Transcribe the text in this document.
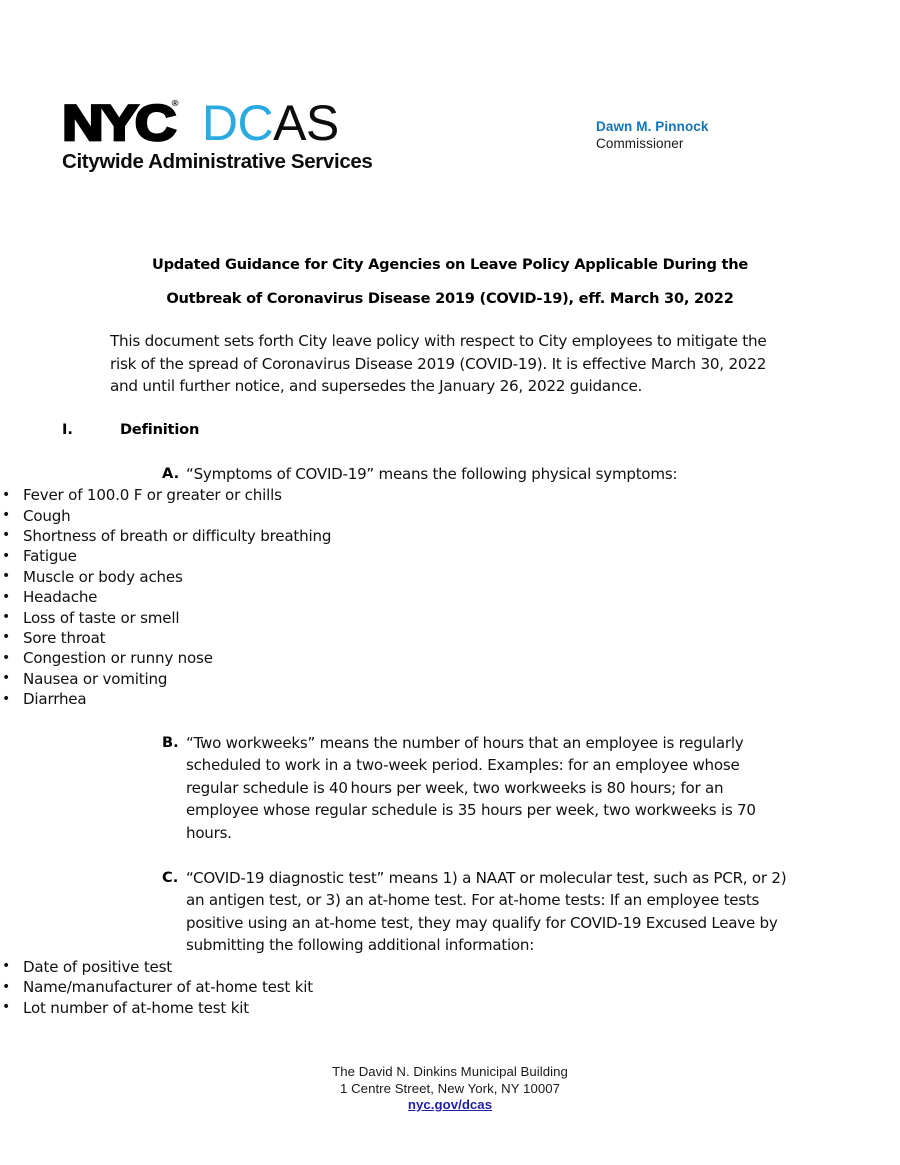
NYC
® DCAS
Citywide Administrative Services
Dawn M. Pinnock
Commissioner
Updated Guidance for City Agencies on Leave Policy Applicable During the
Outbreak of Coronavirus Disease 2019 (COVID-19), eff. March 30, 2022

This document sets forth City leave policy with respect to City employees to mitigate the risk of the spread of Coronavirus Disease 2019 (COVID-19). It is effective March 30, 2022 and until further notice, and supersedes the January 26, 2022 guidance.

I.	Definition
A. “Symptoms of COVID-19” means the following physical symptoms:

• Fever of 100.0 F or greater or chills
• Cough
• Shortness of breath or difficulty breathing
• Fatigue
• Muscle or body aches
• Headache
• Loss of taste or smell
• Sore throat
• Congestion or runny nose
• Nausea or vomiting
• Diarrhea
B. “Two workweeks” means the number of hours that an employee is regularly scheduled to work in a two-week period. Examples: for an employee whose regular schedule is 40 hours per week, two workweeks is 80 hours; for an employee whose regular schedule is 35 hours per week, two workweeks is 70 hours.

C. “COVID-19 diagnostic test” means 1) a NAAT or molecular test, such as PCR, or 2) an antigen test, or 3) an at-home test. For at-home tests: If an employee tests positive using an at-home test, they may qualify for COVID-19 Excused Leave by submitting the following additional information:

• Date of positive test
• Name/manufacturer of at-home test kit
• Lot number of at-home test kit
The David N. Dinkins Municipal Building
1 Centre Street, New York, NY 10007
nyc.gov/dcas
